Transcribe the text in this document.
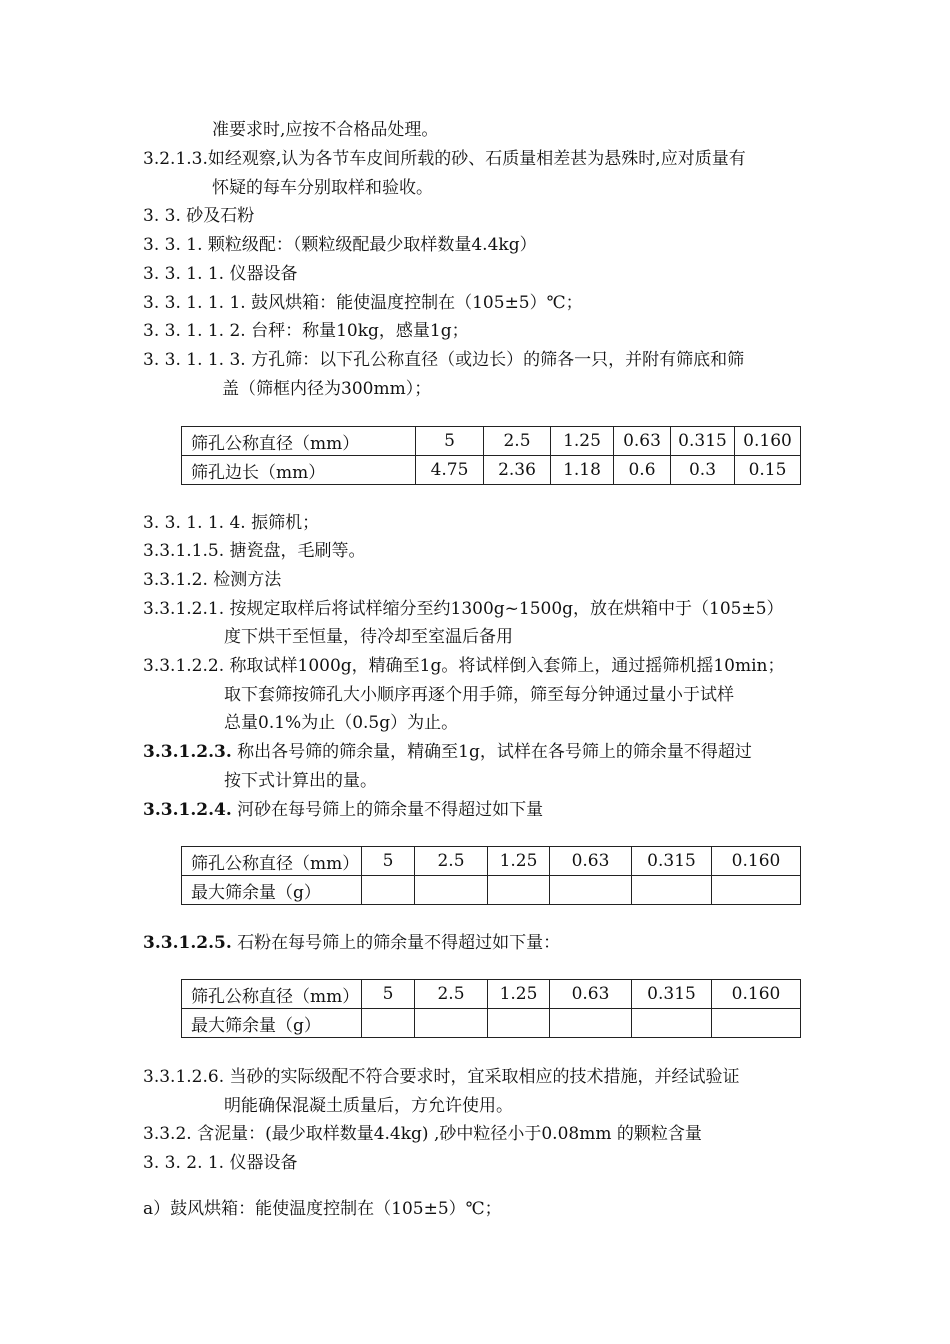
准要求时,应按不合格品处理。
3.2.1.3.如经观察,认为各节车皮间所载的砂、石质量相差甚为悬殊时,应对质量有
怀疑的每车分别取样和验收。
3. 3. 砂及石粉
3. 3. 1. 颗粒级配：（颗粒级配最少取样数量4.4kg）
3. 3. 1. 1. 仪器设备
3. 3. 1. 1. 1. 鼓风烘箱：能使温度控制在（105±5）℃；
3. 3. 1. 1. 2. 台秤：称量10kg，感量1g；
3. 3. 1. 1. 3. 方孔筛：以下孔公称直径（或边长）的筛各一只，并附有筛底和筛
盖（筛框内径为300mm）；
筛孔公称直径（mm）	5	2.5	1.25	0.63	0.315	0.160
筛孔边长（mm）	4.75	2.36	1.18	0.6	0.3	0.15
3. 3. 1. 1. 4. 振筛机；
3.3.1.1.5. 搪瓷盘，毛刷等。
3.3.1.2. 检测方法
3.3.1.2.1. 按规定取样后将试样缩分至约1300g~1500g，放在烘箱中于（105±5）
度下烘干至恒量，待冷却至室温后备用
3.3.1.2.2. 称取试样1000g，精确至1g。将试样倒入套筛上，通过摇筛机摇10min；
取下套筛按筛孔大小顺序再逐个用手筛，筛至每分钟通过量小于试样
总量0.1%为止（0.5g）为止。
3.3.1.2.3. 称出各号筛的筛余量，精确至1g，试样在各号筛上的筛余量不得超过
按下式计算出的量。
3.3.1.2.4. 河砂在每号筛上的筛余量不得超过如下量
筛孔公称直径（mm）	5	2.5	1.25	0.63	0.315	0.160
最大筛余量（g）						
3.3.1.2.5. 石粉在每号筛上的筛余量不得超过如下量：
筛孔公称直径（mm）	5	2.5	1.25	0.63	0.315	0.160
最大筛余量（g）						
3.3.1.2.6. 当砂的实际级配不符合要求时，宜采取相应的技术措施，并经试验证
明能确保混凝土质量后，方允许使用。
3.3.2. 含泥量：(最少取样数量4.4kg) ,砂中粒径小于0.08mm 的颗粒含量
3. 3. 2. 1. 仪器设备
a）鼓风烘箱：能使温度控制在（105±5）℃；
